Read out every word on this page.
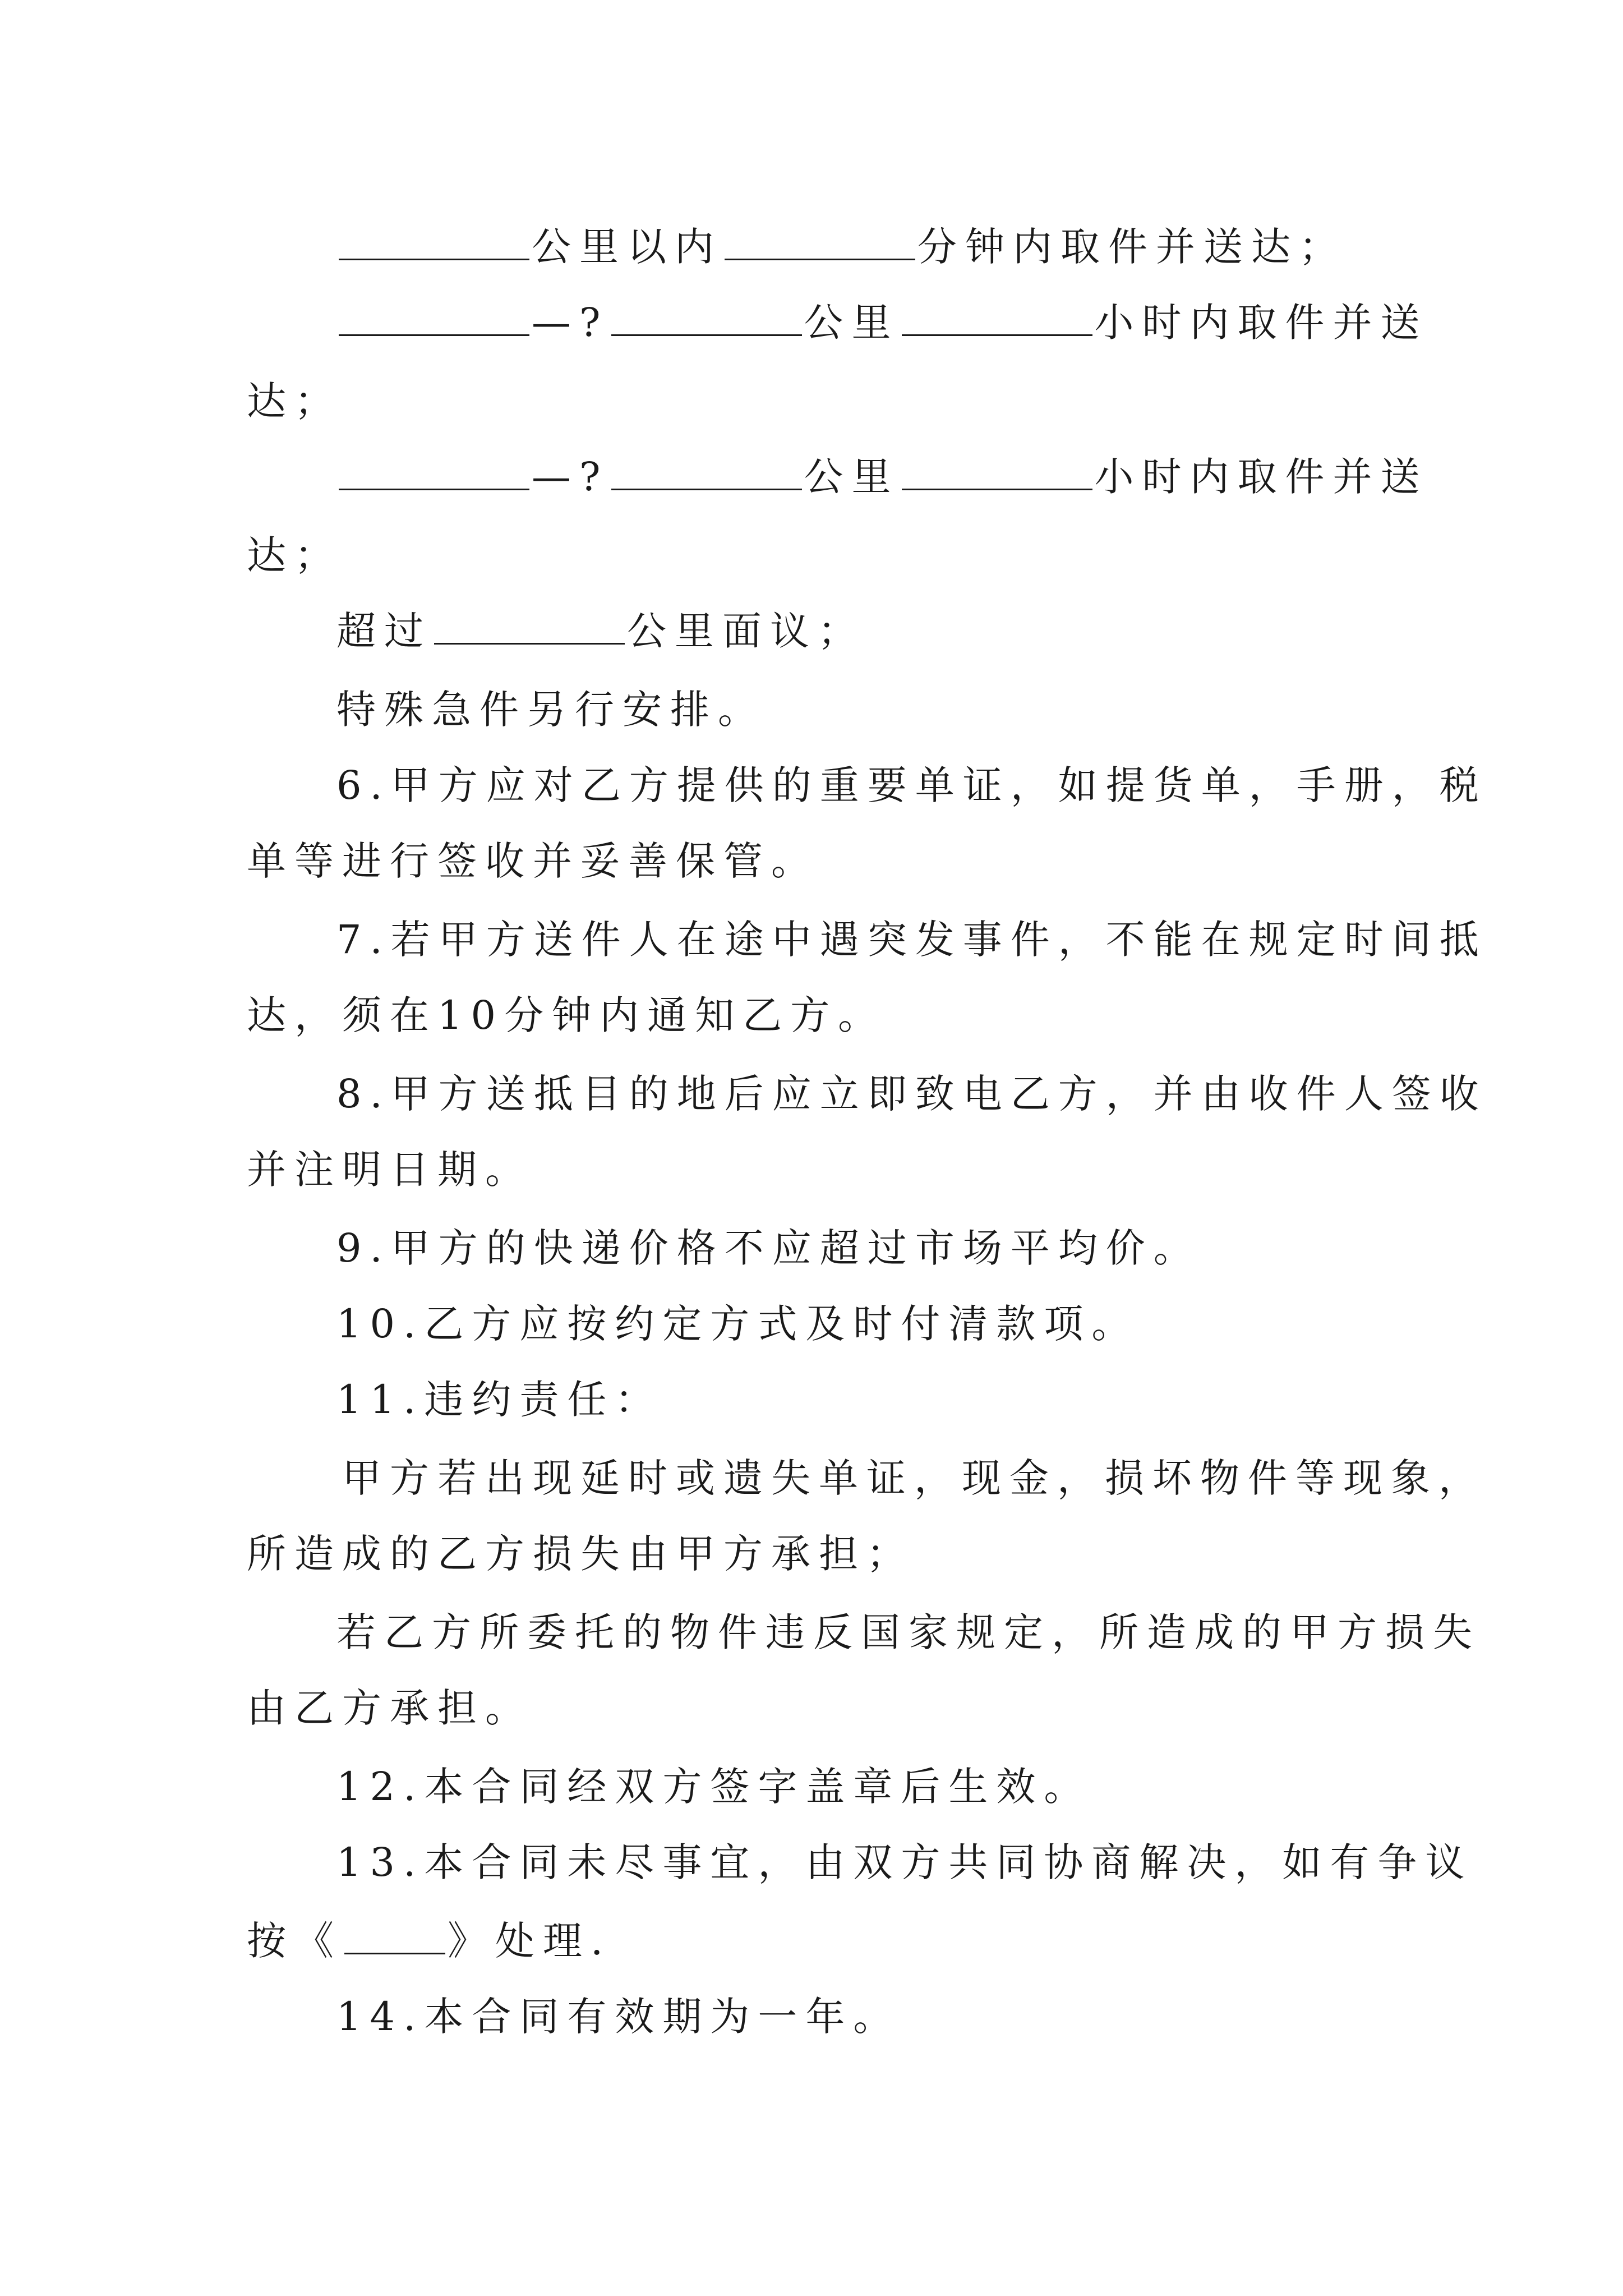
公里以内	分钟内取件并送达；
—?	公里	小时内取件并送
达；
—?	公里	小时内取件并送
达；
超过	公里面议；
特殊急件另行安排。
6.甲方应对乙方提供的重要单证，如提货单，手册，税
单等进行签收并妥善保管。
7.若甲方送件人在途中遇突发事件，不能在规定时间抵
达，须在10分钟内通知乙方。
8.甲方送抵目的地后应立即致电乙方，并由收件人签收
并注明日期。
9.甲方的快递价格不应超过市场平均价。
10.乙方应按约定方式及时付清款项。
11.违约责任：
甲方若出现延时或遗失单证，现金，损坏物件等现象，
所造成的乙方损失由甲方承担；
若乙方所委托的物件违反国家规定，所造成的甲方损失
由乙方承担。
12.本合同经双方签字盖章后生效。
13.本合同未尽事宜，由双方共同协商解决，如有争议
按《	》处理.
14.本合同有效期为一年。
